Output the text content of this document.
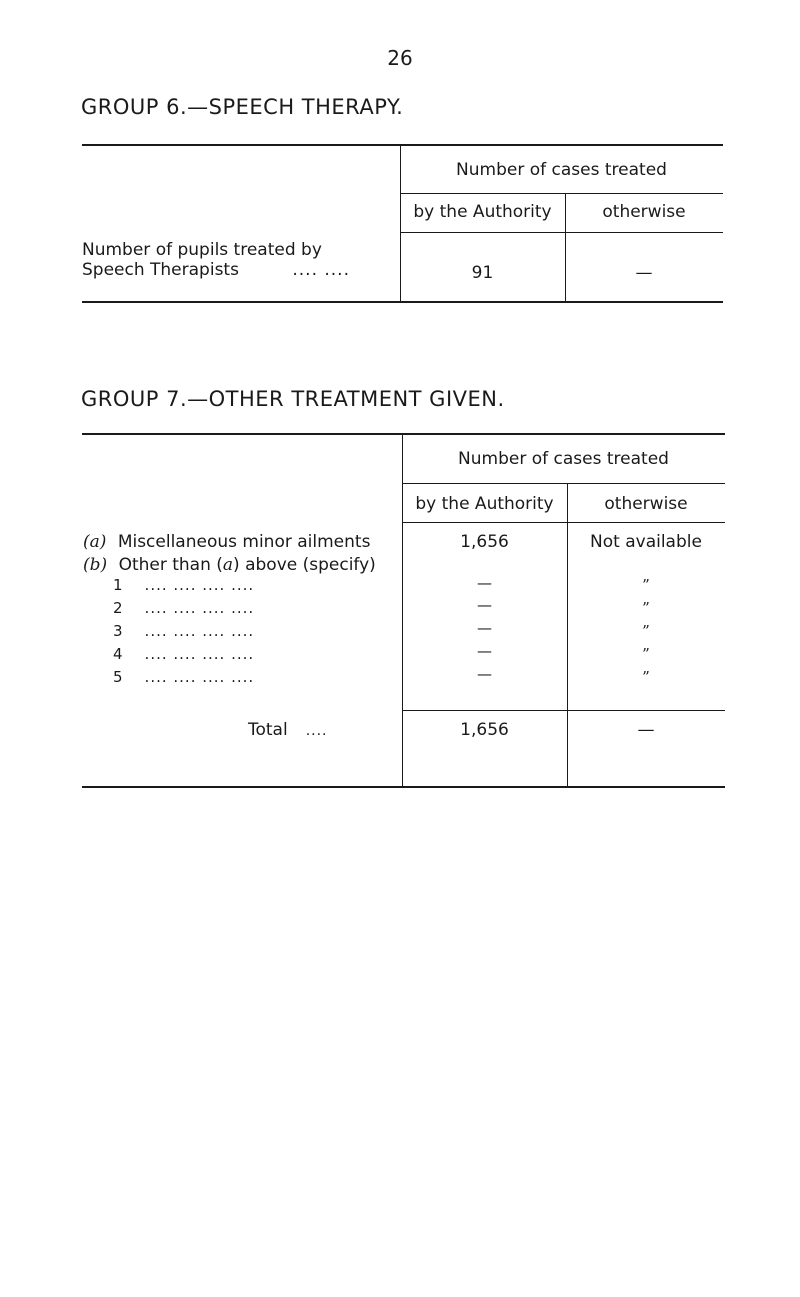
26
GROUP 6.—SPEECH THERAPY.
Number of cases treated
by the Authority	otherwise
Number of pupils treated by
Speech Therapists	.... ....	91	—
GROUP 7.—OTHER TREATMENT GIVEN.
Number of cases treated
by the Authority	otherwise
(a) Miscellaneous minor ailments	1,656	Not available
(b) Other than (a) above (specify)
1 .... .... .... ....	—	”
2 .... .... .... ....	—	”
3 .... .... .... ....	—	”
4 .... .... .... ....	—	”
5 .... .... .... ....	—	”
Total ....	1,656	—
